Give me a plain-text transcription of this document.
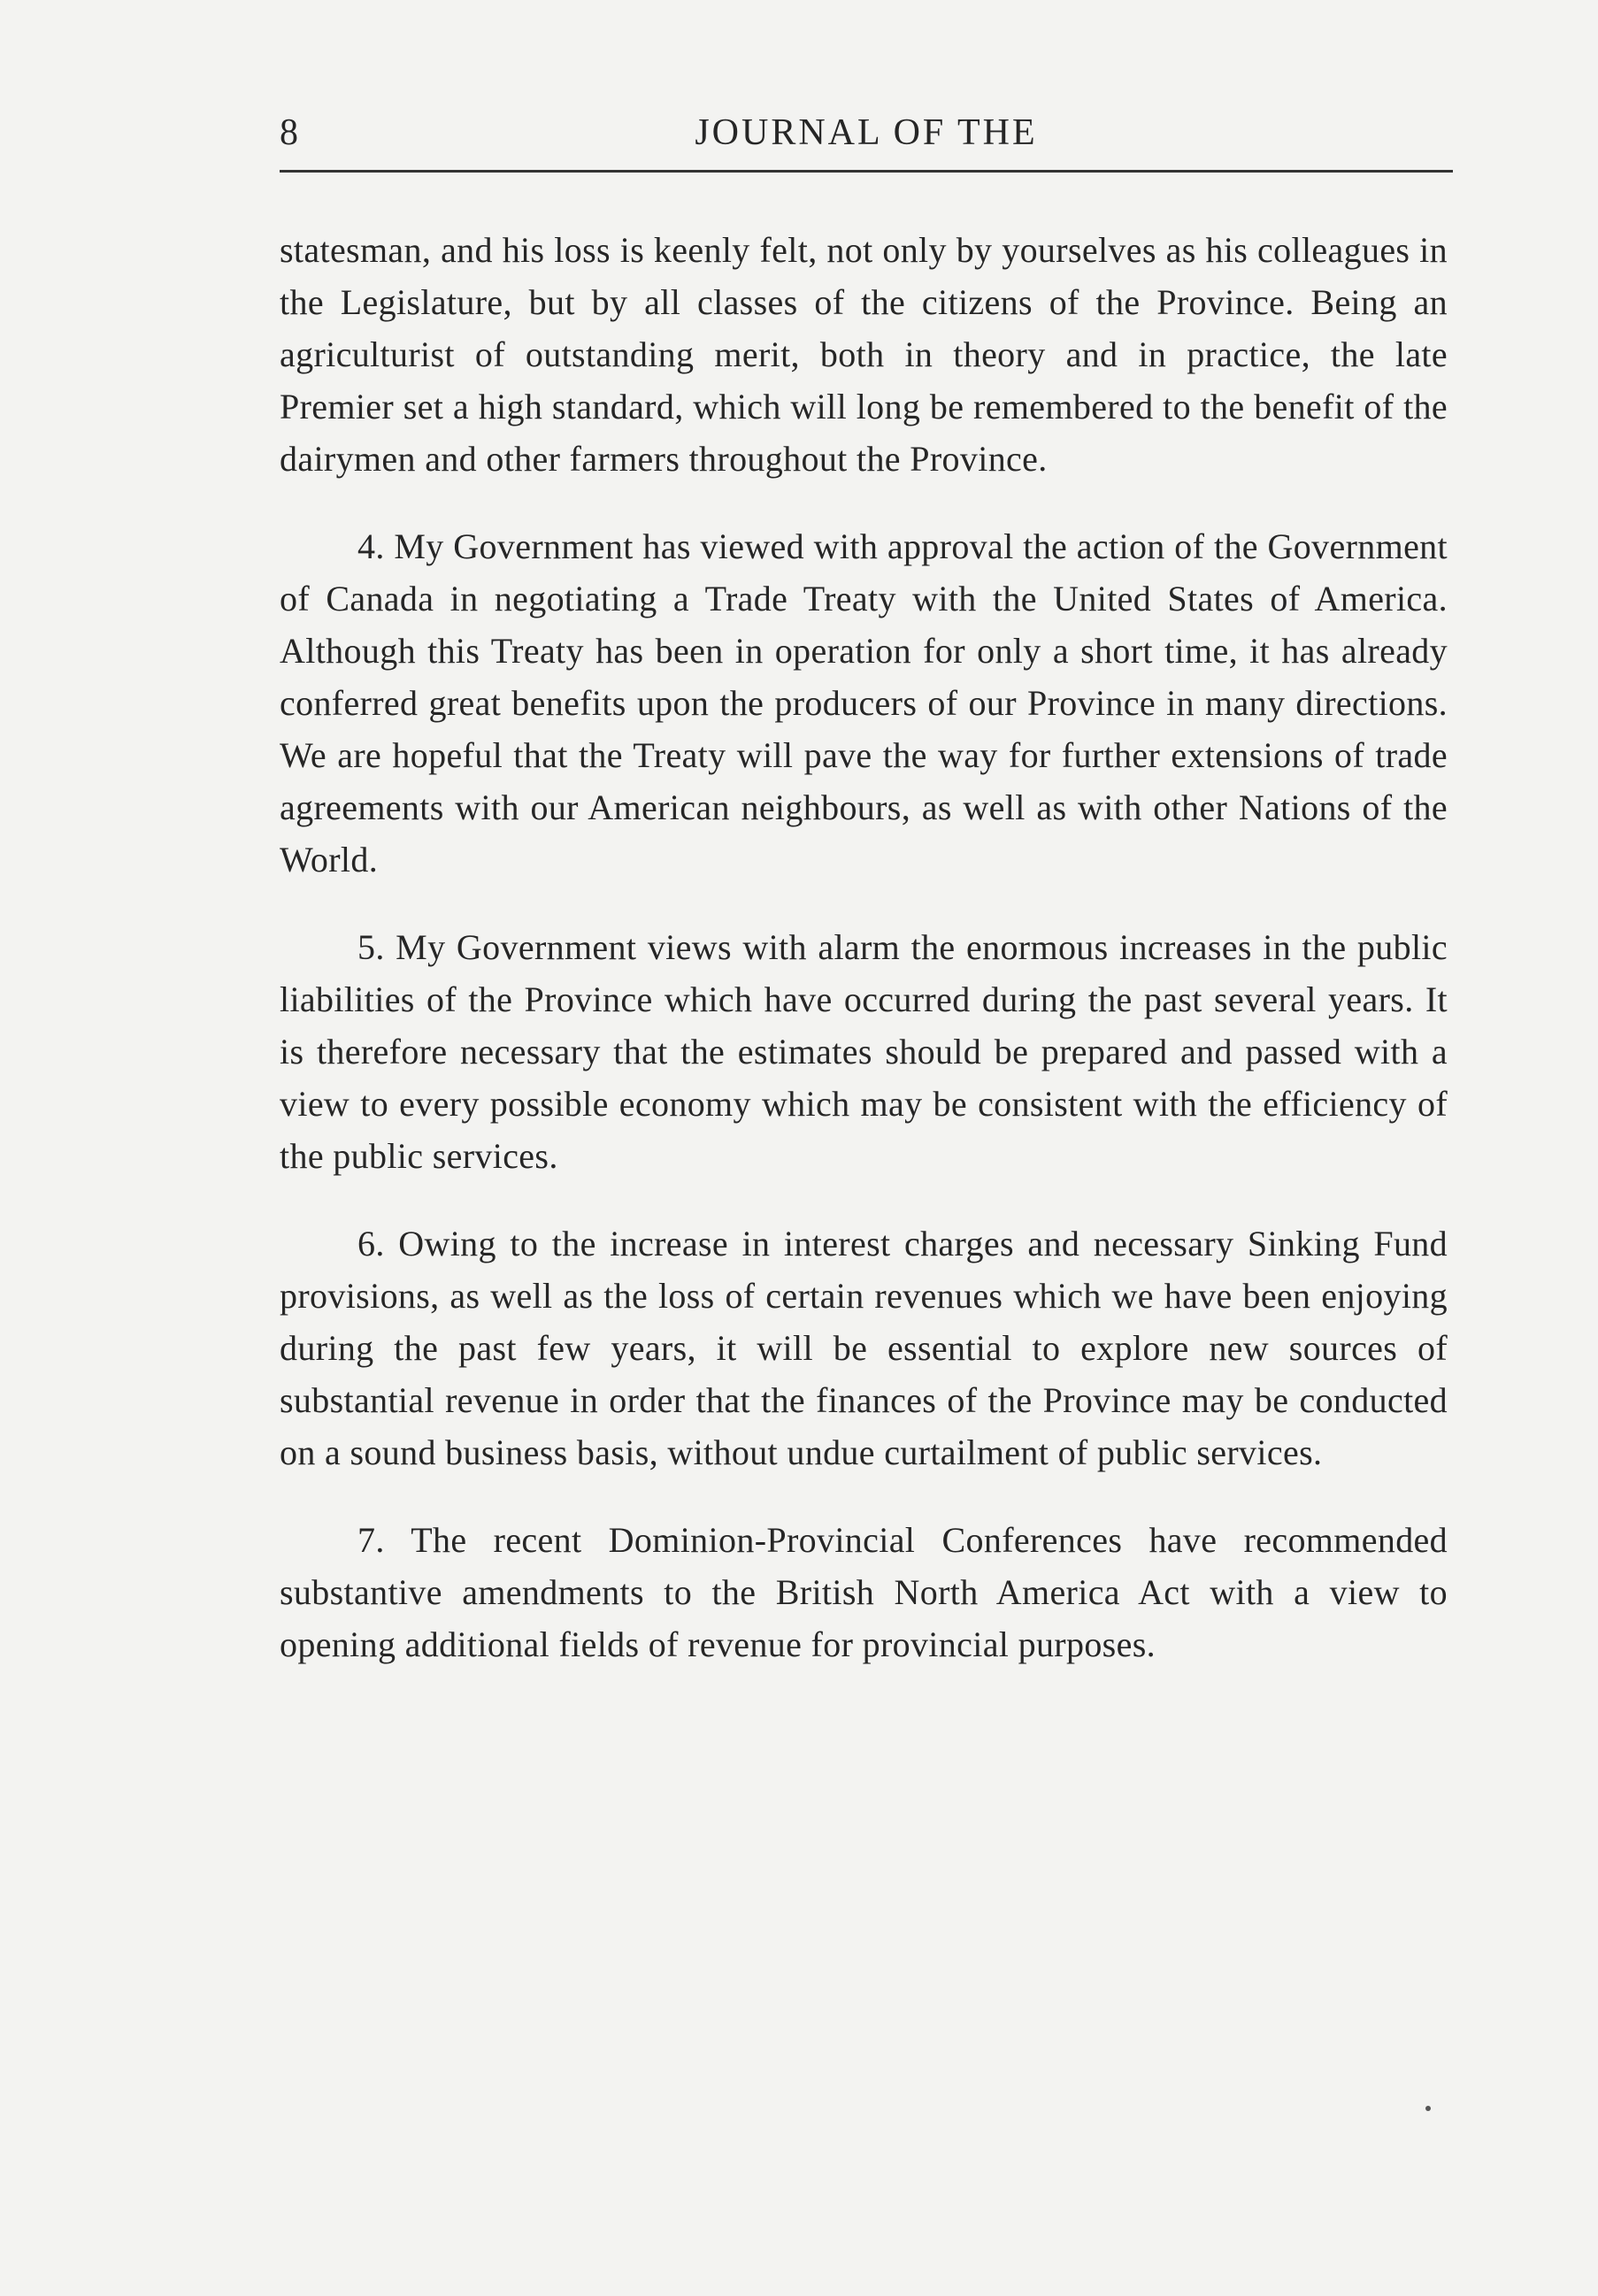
8	JOURNAL OF THE

statesman, and his loss is keenly felt, not only by yourselves as his colleagues in the Legislature, but by all classes of the citizens of the Province. Being an agriculturist of outstanding merit, both in theory and in practice, the late Premier set a high standard, which will long be remembered to the benefit of the dairymen and other farmers throughout the Province.

4. My Government has viewed with approval the action of the Government of Canada in negotiating a Trade Treaty with the United States of America. Although this Treaty has been in operation for only a short time, it has already conferred great benefits upon the producers of our Province in many directions. We are hopeful that the Treaty will pave the way for further extensions of trade agreements with our American neighbours, as well as with other Nations of the World.

5. My Government views with alarm the enormous increases in the public liabilities of the Province which have occurred during the past several years. It is therefore necessary that the estimates should be prepared and passed with a view to every possible economy which may be consistent with the efficiency of the public services.

6. Owing to the increase in interest charges and necessary Sinking Fund provisions, as well as the loss of certain revenues which we have been enjoying during the past few years, it will be essential to explore new sources of substantial revenue in order that the finances of the Province may be conducted on a sound business basis, without undue curtailment of public services.

7. The recent Dominion-Provincial Conferences have recommended substantive amendments to the British North America Act with a view to opening additional fields of revenue for provincial purposes.
